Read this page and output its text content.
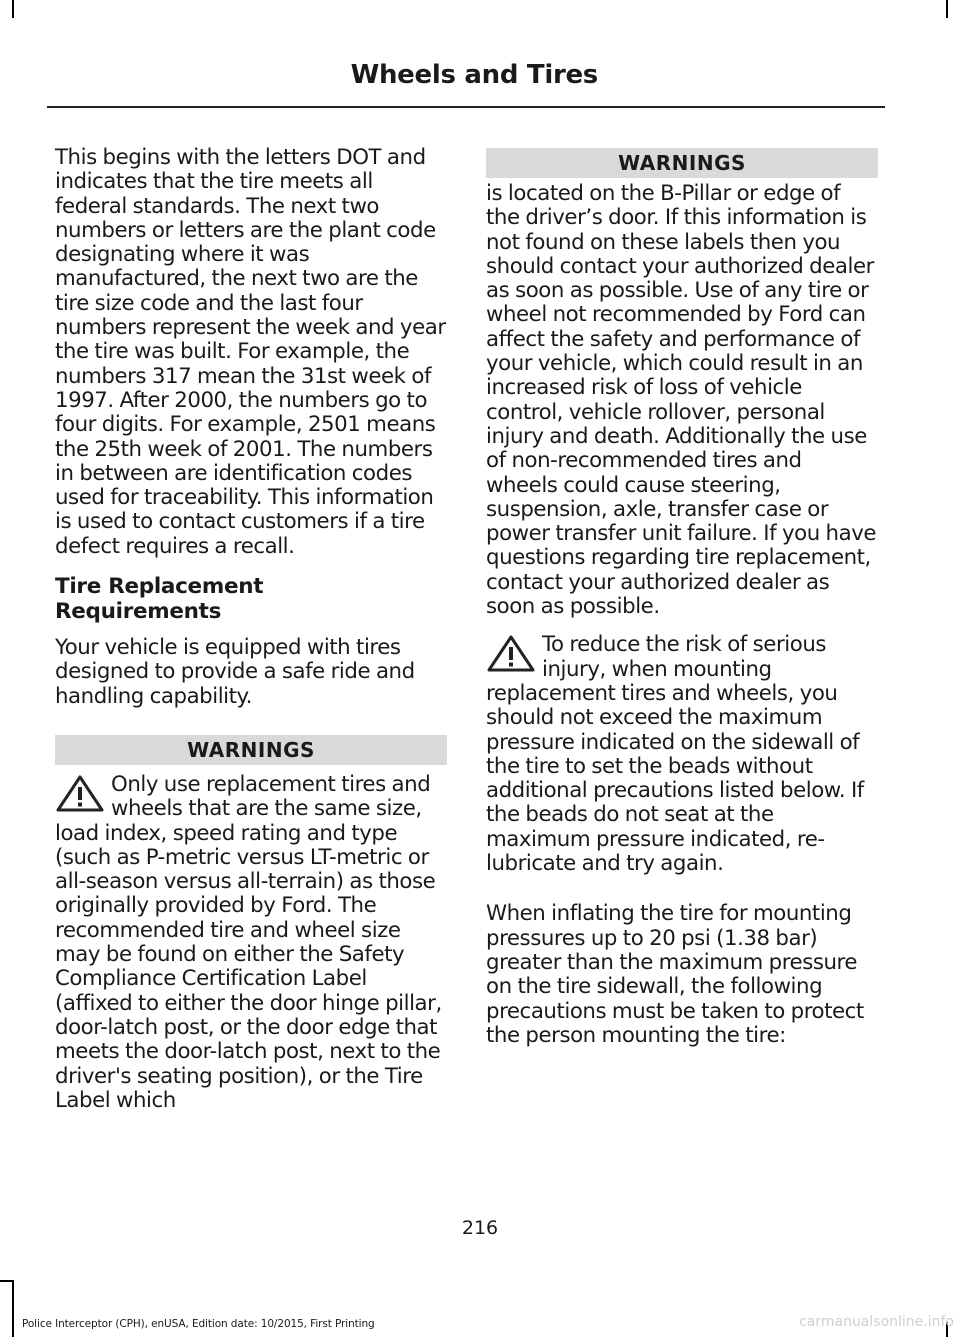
Wheels and Tires

This begins with the letters DOT and indicates that the tire meets all federal standards. The next two numbers or letters are the plant code designating where it was manufactured, the next two are the tire size code and the last four numbers represent the week and year the tire was built. For example, the numbers 317 mean the 31st week of 1997. After 2000, the numbers go to four digits. For example, 2501 means the 25th week of 2001. The numbers in between are identification codes used for traceability. This information is used to contact customers if a tire defect requires a recall.

Tire Replacement Requirements

Your vehicle is equipped with tires designed to provide a safe ride and handling capability.

WARNINGS

Only use replacement tires and wheels that are the same size, load index, speed rating and type (such as P-metric versus LT-metric or all-season versus all-terrain) as those originally provided by Ford. The recommended tire and wheel size may be found on either the Safety Compliance Certification Label (affixed to either the door hinge pillar, door-latch post, or the door edge that meets the door-latch post, next to the driver's seating position), or the Tire Label which

WARNINGS

is located on the B-Pillar or edge of the driver’s door. If this information is not found on these labels then you should contact your authorized dealer as soon as possible. Use of any tire or wheel not recommended by Ford can affect the safety and performance of your vehicle, which could result in an increased risk of loss of vehicle control, vehicle rollover, personal injury and death. Additionally the use of non-recommended tires and wheels could cause steering, suspension, axle, transfer case or power transfer unit failure. If you have questions regarding tire replacement, contact your authorized dealer as soon as possible.

To reduce the risk of serious injury, when mounting replacement tires and wheels, you should not exceed the maximum pressure indicated on the sidewall of the tire to set the beads without additional precautions listed below. If the beads do not seat at the maximum pressure indicated, re-lubricate and try again.

When inflating the tire for mounting pressures up to 20 psi (1.38 bar) greater than the maximum pressure on the tire sidewall, the following precautions must be taken to protect the person mounting the tire:

216
Police Interceptor (CPH), enUSA, Edition date: 10/2015, First Printing	carmanualsonline.info
